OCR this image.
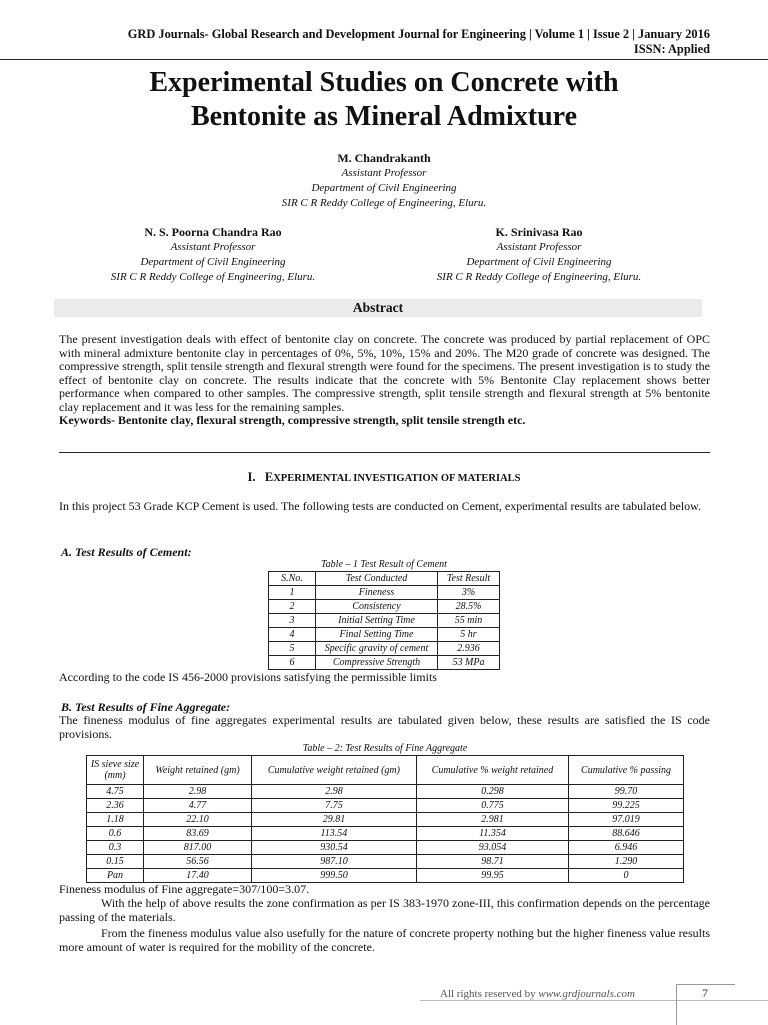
GRD Journals- Global Research and Development Journal for Engineering | Volume 1 | Issue 2 | January 2016
ISSN: Applied
Experimental Studies on Concrete with
Bentonite as Mineral Admixture
M. Chandrakanth
Assistant Professor
Department of Civil Engineering
SIR C R Reddy College of Engineering, Eluru.
N. S. Poorna Chandra Rao
Assistant Professor
Department of Civil Engineering
SIR C R Reddy College of Engineering, Eluru.
K. Srinivasa Rao
Assistant Professor
Department of Civil Engineering
SIR C R Reddy College of Engineering, Eluru.
Abstract
The present investigation deals with effect of bentonite clay on concrete. The concrete was produced by partial replacement of OPC with mineral admixture bentonite clay in percentages of 0%, 5%, 10%, 15% and 20%. The M20 grade of concrete was designed. The compressive strength, split tensile strength and flexural strength were found for the specimens. The present investigation is to study the effect of bentonite clay on concrete. The results indicate that the concrete with 5% Bentonite Clay replacement shows better performance when compared to other samples. The compressive strength, split tensile strength and flexural strength at 5% bentonite clay replacement and it was less for the remaining samples.
Keywords- Bentonite clay, flexural strength, compressive strength, split tensile strength etc.
I. EXPERIMENTAL INVESTIGATION OF MATERIALS
In this project 53 Grade KCP Cement is used. The following tests are conducted on Cement, experimental results are tabulated below.
A. Test Results of Cement:
Table – 1 Test Result of Cement
S.No.	Test Conducted	Test Result
1	Fineness	3%
2	Consistency	28.5%
3	Initial Setting Time	55 min
4	Final Setting Time	5 hr
5	Specific gravity of cement	2.936
6	Compressive Strength	53 MPa
According to the code IS 456-2000 provisions satisfying the permissible limits
B. Test Results of Fine Aggregate:
The fineness modulus of fine aggregates experimental results are tabulated given below, these results are satisfied the IS code provisions.
Table – 2: Test Results of Fine Aggregate
IS sieve size (mm)	Weight retained (gm)	Cumulative weight retained (gm)	Cumulative % weight retained	Cumulative % passing
4.75	2.98	2.98	0.298	99.70
2.36	4.77	7.75	0.775	99.225
1.18	22.10	29.81	2.981	97.019
0.6	83.69	113.54	11.354	88.646
0.3	817.00	930.54	93.054	6.946
0.15	56.56	987.10	98.71	1.290
Pan	17.40	999.50	99.95	0
Fineness modulus of Fine aggregate=307/100=3.07.
With the help of above results the zone confirmation as per IS 383-1970 zone-III, this confirmation depends on the percentage passing of the materials.
From the fineness modulus value also usefully for the nature of concrete property nothing but the higher fineness value results more amount of water is required for the mobility of the concrete.
All rights reserved by www.grdjournals.com	7
